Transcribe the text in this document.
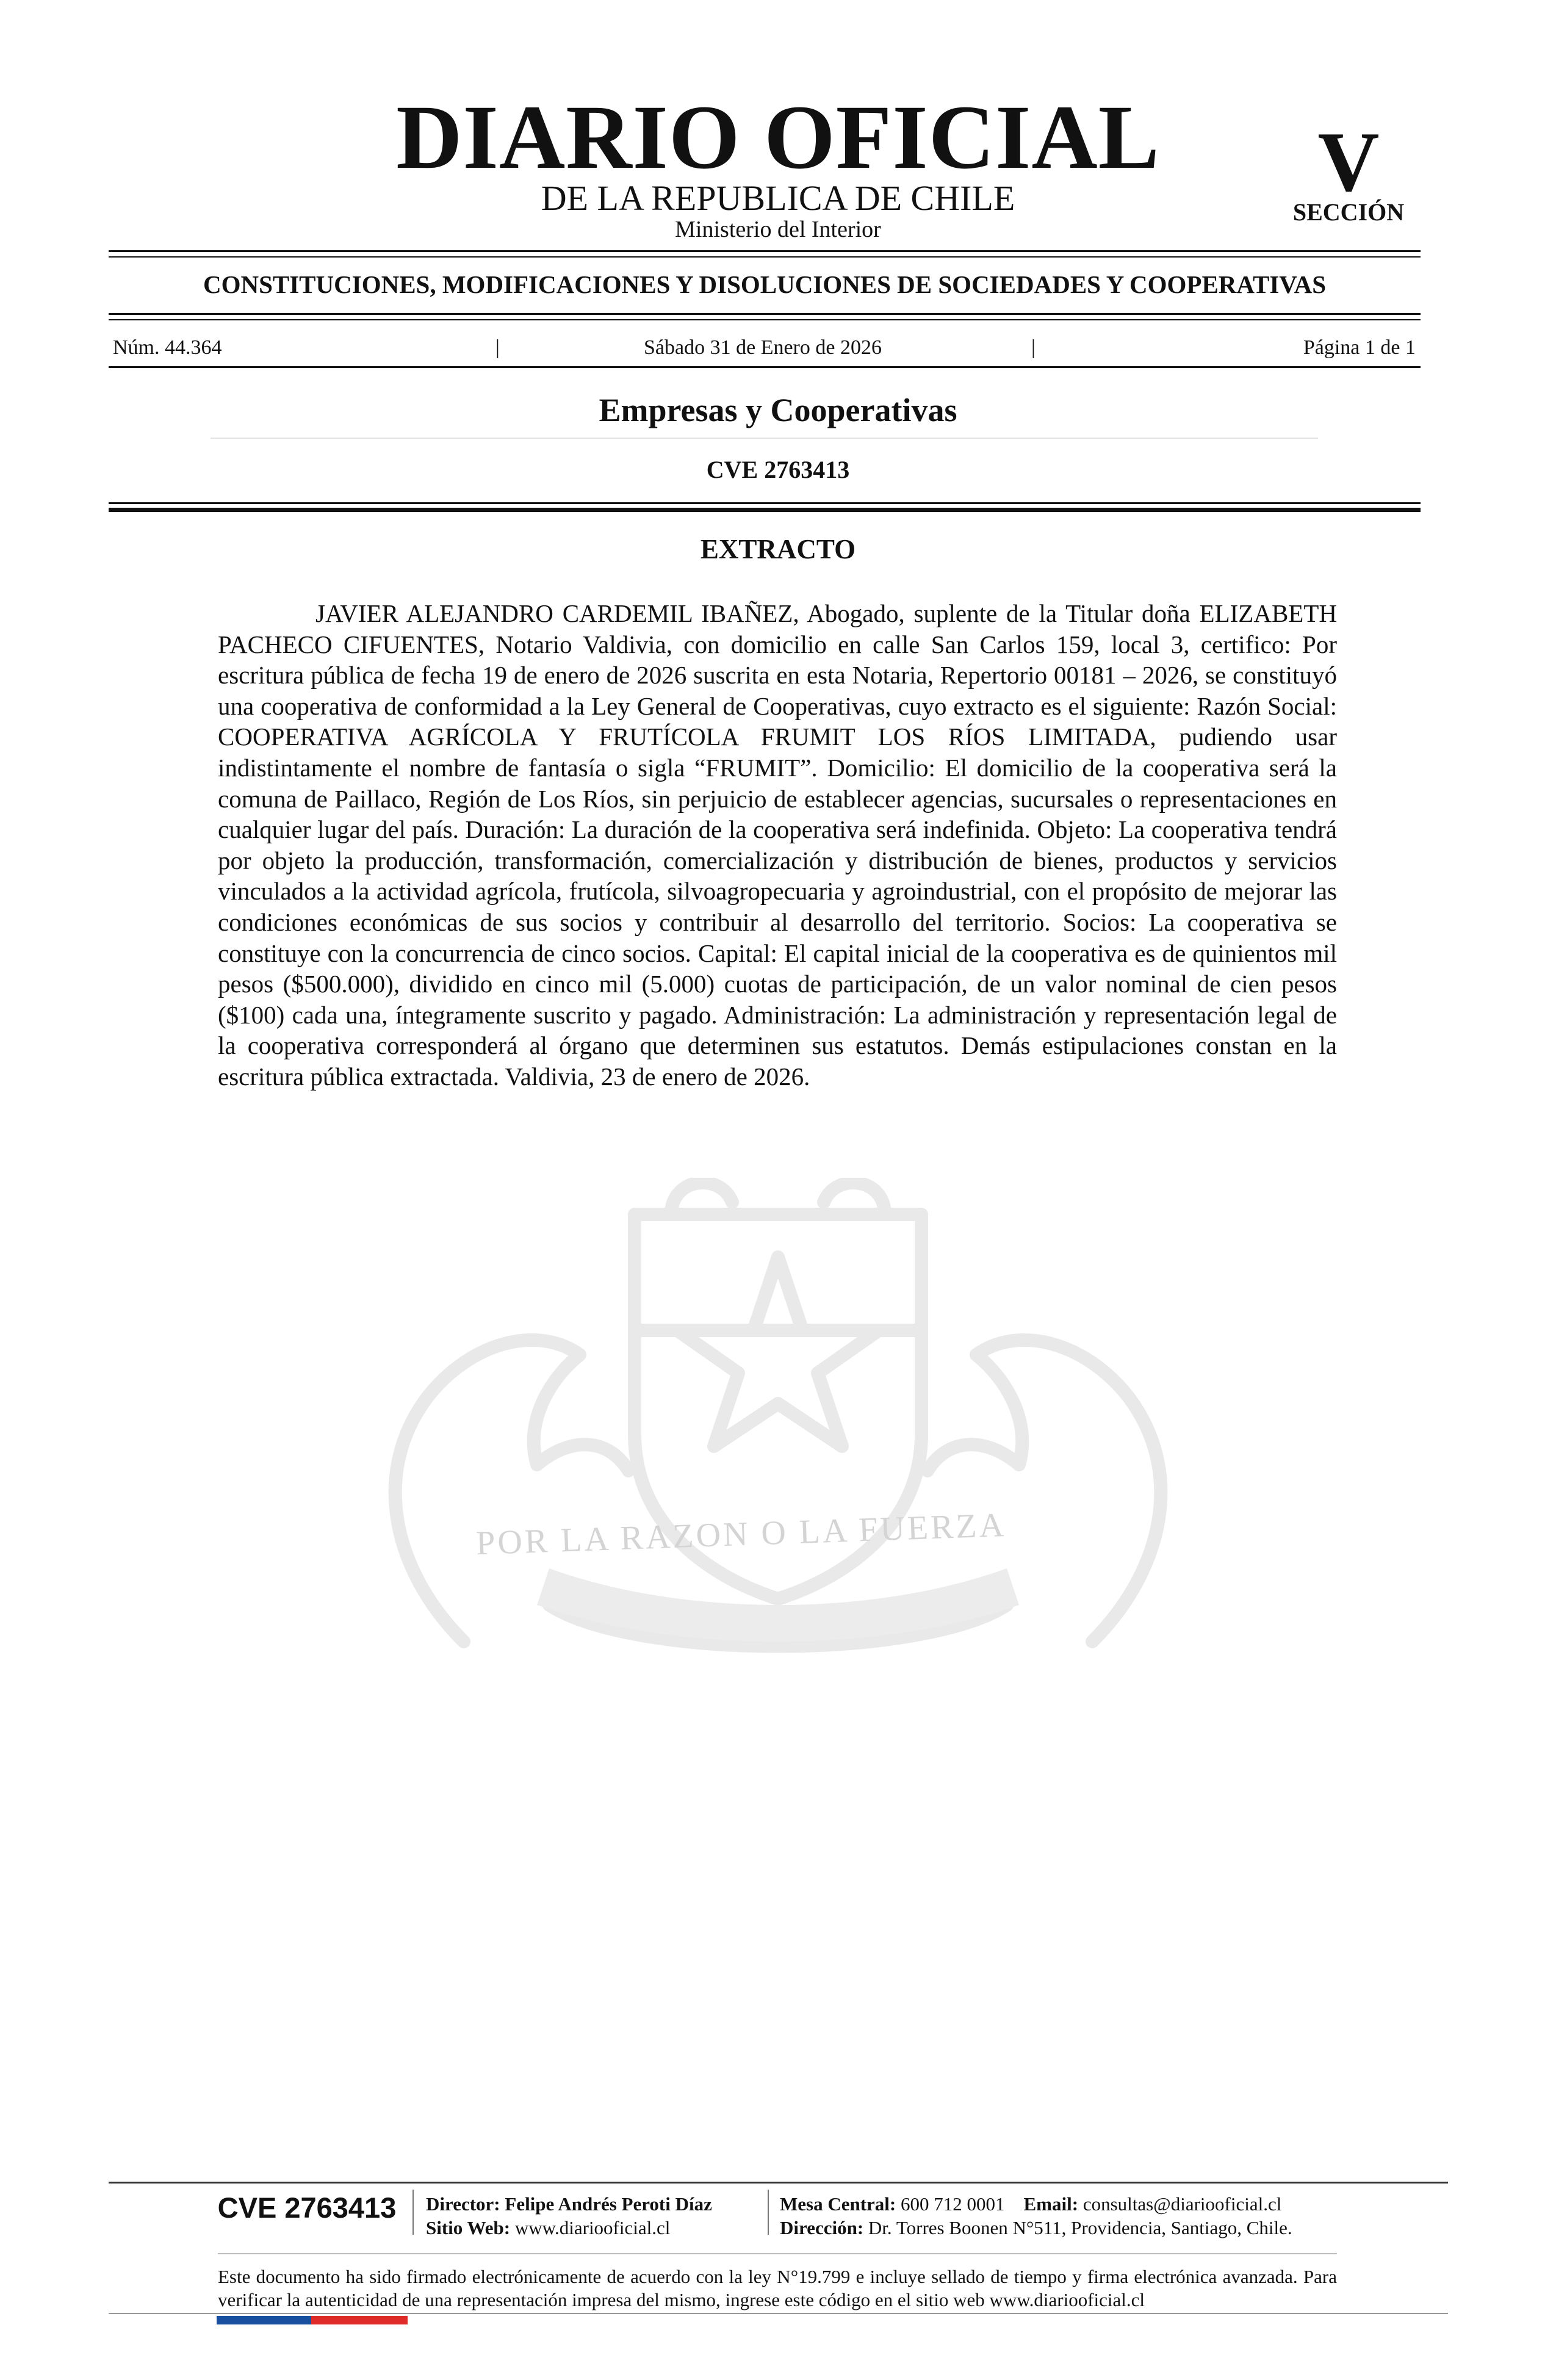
DIARIO OFICIAL
DE LA REPUBLICA DE CHILE
Ministerio del Interior
V
SECCIÓN
CONSTITUCIONES, MODIFICACIONES Y DISOLUCIONES DE SOCIEDADES Y COOPERATIVAS
Núm. 44.364	|	Sábado 31 de Enero de 2026	|	Página 1 de 1
Empresas y Cooperativas
CVE 2763413
POR LA RAZON O LA FUERZA
EXTRACTO

JAVIER ALEJANDRO CARDEMIL IBAÑEZ, Abogado, suplente de la Titular doña ELIZABETH PACHECO CIFUENTES, Notario Valdivia, con domicilio en calle San Carlos 159, local 3, certifico: Por escritura pública de fecha 19 de enero de 2026 suscrita en esta Notaria, Repertorio 00181 – 2026, se constituyó una cooperativa de conformidad a la Ley General de Cooperativas, cuyo extracto es el siguiente: Razón Social: COOPERATIVA AGRÍCOLA Y FRUTÍCOLA FRUMIT LOS RÍOS LIMITADA, pudiendo usar indistintamente el nombre de fantasía o sigla “FRUMIT”. Domicilio: El domicilio de la cooperativa será la comuna de Paillaco, Región de Los Ríos, sin perjuicio de establecer agencias, sucursales o representaciones en cualquier lugar del país. Duración: La duración de la cooperativa será indefinida. Objeto: La cooperativa tendrá por objeto la producción, transformación, comercialización y distribución de bienes, productos y servicios vinculados a la actividad agrícola, frutícola, silvoagropecuaria y agroindustrial, con el propósito de mejorar las condiciones económicas de sus socios y contribuir al desarrollo del territorio. Socios: La cooperativa se constituye con la concurrencia de cinco socios. Capital: El capital inicial de la cooperativa es de quinientos mil pesos ($500.000), dividido en cinco mil (5.000) cuotas de participación, de un valor nominal de cien pesos ($100) cada una, íntegramente suscrito y pagado. Administración: La administración y representación legal de la cooperativa corresponderá al órgano que determinen sus estatutos. Demás estipulaciones constan en la escritura pública extractada. Valdivia, 23 de enero de 2026.

CVE 2763413	Director: Felipe Andrés Peroti Díaz
Sitio Web: www.diariooficial.cl
Mesa Central: 600 712 0001 Email: consultas@diariooficial.cl
Dirección: Dr. Torres Boonen N°511, Providencia, Santiago, Chile.

Este documento ha sido firmado electrónicamente de acuerdo con la ley N°19.799 e incluye sellado de tiempo y firma electrónica avanzada. Para verificar la autenticidad de una representación impresa del mismo, ingrese este código en el sitio web www.diariooficial.cl
